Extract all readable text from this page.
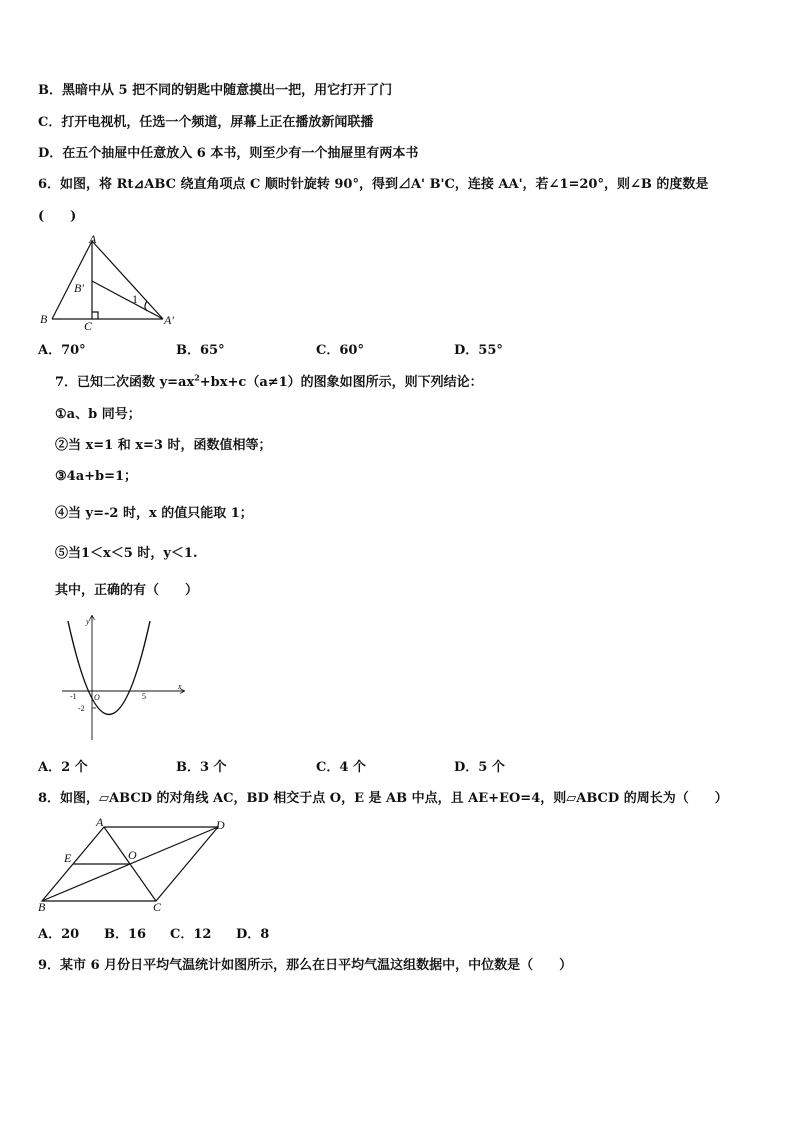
B．黑暗中从 5 把不同的钥匙中随意摸出一把，用它打开了门
C．打开电视机，任选一个频道，屏幕上正在播放新闻联播
D．在五个抽屉中任意放入 6 本书，则至少有一个抽屉里有两本书
6．如图，将 Rt⊿ABC 绕直角项点 C 顺时针旋转 90°，得到⊿A' B'C，连接 AA'，若∠1=20°，则∠B 的度数是
(　　)
A
B	C
B′
A′
1
A．70°	B．65°	C．60°	D．55°
7．已知二次函数 $y=ax^2+bx+c(a\ne 1)$的图象如图所示，则下列结论：
①a、b 同号；
②当 x=1 和 x=3 时，函数值相等；
③4a+b=1；
④当 y=-2 时，x 的值只能取 1；
⑤当1＜x＜5 时，y＜1.
其中，正确的有（　　）
y
x
O
-1	5
-2
A．2 个	B．3 个	C．4 个	D．5 个
8．如图，▱ABCD 的对角线 AC，BD 相交于点 O，E 是 AB 中点，且 AE+EO=4，则▱ABCD 的周长为（　　）
A	D
B	C
E	O
A．20	B．16	C．12	D．8
9．某市 6 月份日平均气温统计如图所示，那么在日平均气温这组数据中，中位数是（　　）
